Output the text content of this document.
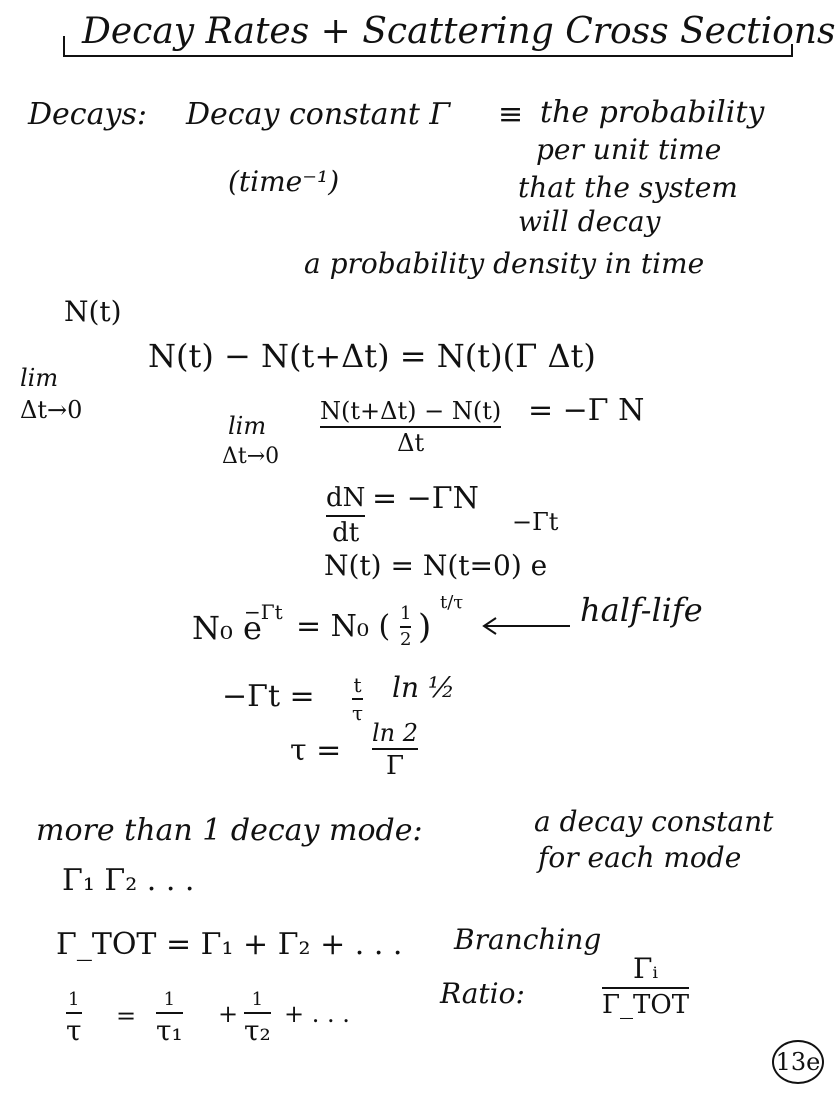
Decay Rates + Scattering Cross Sections
Decays: Decay constant Γ ≡ the probability
per unit time
that the system
will decay
(time⁻¹)
a probability density in time
N(t)
lim
Δt→0
N(t) − N(t+Δt) = N(t)(Γ Δt)
lim
Δt→0
N(t+Δt) − N(t)
Δt
= −Γ N
dN
dt
= −ΓN
N(t) = N(t=0) e
−Γt
N₀ e
−Γt = N₀ ( 1
2 )
t/τ	half-life
−Γt = t
τ
ln ½
τ = ln 2
Γ
more than 1 decay mode:	a decay constant
for each mode
Γ₁ Γ₂ . . .
Γ_TOT = Γ₁ + Γ₂ + . . . Branching
Ratio:
Γᵢ
Γ_TOT
1
τ =
1
τ₁ +
1
τ₂ + . . .
13e
